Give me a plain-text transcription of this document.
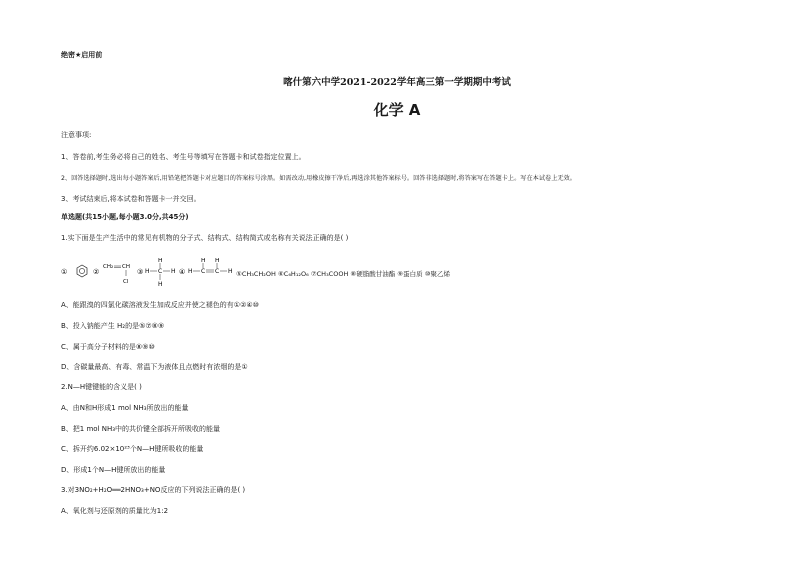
绝密★启用前
喀什第六中学2021-2022学年高三第一学期期中考试
化学 A
注意事项:
1、答卷前,考生务必将自己的姓名、考生号等填写在答题卡和试卷指定位置上。
2、回答选择题时,选出每小题答案后,用铅笔把答题卡对应题目的答案标号涂黑。如需改动,用橡皮擦干净后,再选涂其他答案标号。回答非选择题时,将答案写在答题卡上。写在本试卷上无效。
3、考试结束后,将本试卷和答题卡一并交回。
单选题(共15小题,每小题3.0分,共45分)
1.实下面是生产生活中的常见有机物的分子式、结构式、结构简式或名称有关说法正确的是( )
①	②
CH₂ CH
Cl
③ H C H
H
H
④ H C C H
H H
⑤CH₃CH₂OH ⑥C₆H₁₂O₆ ⑦CH₃COOH ⑧硬脂酸甘油酯 ⑨蛋白质 ⑩聚乙烯
A、能跟溴的四氯化碳溶液发生加成反应并使之褪色的有①②④⑩
B、投入钠能产生 H₂的是⑤⑦⑧⑨
C、属于高分子材料的是⑧⑨⑩
D、含碳量最高、有毒、常温下为液体且点燃时有浓烟的是①
2.N—H键键能的含义是( )
A、由N和H形成1 mol NH₃所放出的能量
B、把1 mol NH₃中的共价键全部拆开所吸收的能量
C、拆开约6.02×10²³个N—H键所吸收的能量
D、形成1个N—H键所放出的能量
3.对3NO₂+H₂O══2HNO₃+NO反应的下列说法正确的是( )
A、氧化剂与还原剂的质量比为1:2
